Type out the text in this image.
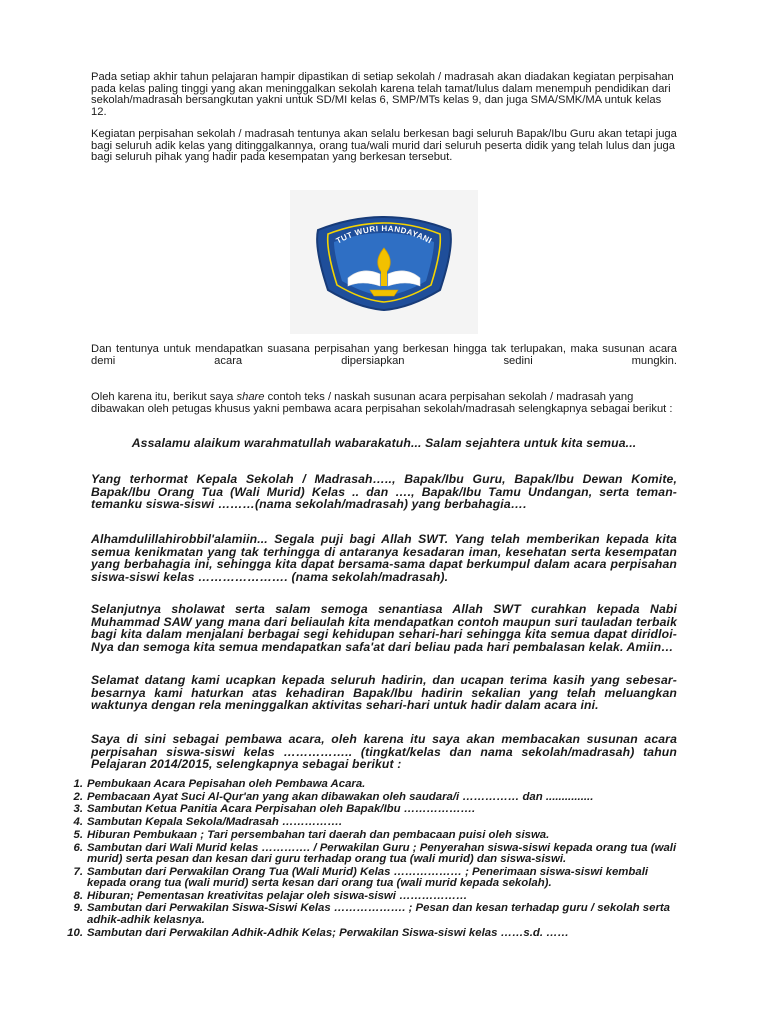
Pada setiap akhir tahun pelajaran hampir dipastikan di setiap sekolah / madrasah akan diadakan kegiatan perpisahan pada kelas paling tinggi yang akan meninggalkan sekolah karena telah tamat/lulus dalam menempuh pendidikan dari sekolah/madrasah bersangkutan yakni untuk SD/MI kelas 6, SMP/MTs kelas 9, dan juga SMA/SMK/MA untuk kelas 12.

Kegiatan perpisahan sekolah / madrasah tentunya akan selalu berkesan bagi seluruh Bapak/Ibu Guru akan tetapi juga bagi seluruh adik kelas yang ditinggalkannya, orang tua/wali murid dari seluruh peserta didik yang telah lulus dan juga bagi seluruh pihak yang hadir pada kesempatan yang berkesan tersebut.

TUT WURI HANDAYANI

Dan tentunya untuk mendapatkan suasana perpisahan yang berkesan hingga tak terlupakan, maka susunan acara demi acara dipersiapkan sedini mungkin.

Oleh karena itu, berikut saya share contoh teks / naskah susunan acara perpisahan sekolah / madrasah yang dibawakan oleh petugas khusus yakni pembawa acara perpisahan sekolah/madrasah selengkapnya sebagai berikut :

Assalamu alaikum warahmatullah wabarakatuh... Salam sejahtera untuk kita semua...

Yang terhormat Kepala Sekolah / Madrasah….., Bapak/Ibu Guru, Bapak/Ibu Dewan Komite, Bapak/Ibu Orang Tua (Wali Murid) Kelas .. dan …., Bapak/Ibu Tamu Undangan, serta teman-temanku siswa-siswi ………(nama sekolah/madrasah) yang berbahagia….

Alhamdulillahirobbil'alamiin... Segala puji bagi Allah SWT. Yang telah memberikan kepada kita semua kenikmatan yang tak terhingga di antaranya kesadaran iman, kesehatan serta kesempatan yang berbahagia ini, sehingga kita dapat bersama-sama dapat berkumpul dalam acara perpisahan siswa-siswi kelas …………………. (nama sekolah/madrasah).

Selanjutnya sholawat serta salam semoga senantiasa Allah SWT curahkan kepada Nabi Muhammad SAW yang mana dari beliaulah kita mendapatkan contoh maupun suri tauladan terbaik bagi kita dalam menjalani berbagai segi kehidupan sehari-hari sehingga kita semua dapat diridloi-Nya dan semoga kita semua mendapatkan safa'at dari beliau pada hari pembalasan kelak. Amiin…

Selamat datang kami ucapkan kepada seluruh hadirin, dan ucapan terima kasih yang sebesar-besarnya kami haturkan atas kehadiran Bapak/Ibu hadirin sekalian yang telah meluangkan waktunya dengan rela meninggalkan aktivitas sehari-hari untuk hadir dalam acara ini.

Saya di sini sebagai pembawa acara, oleh karena itu saya akan membacakan susunan acara perpisahan siswa-siswi kelas …………….. (tingkat/kelas dan nama sekolah/madrasah) tahun Pelajaran 2014/2015, selengkapnya sebagai berikut :

1. Pembukaan Acara Pepisahan oleh Pembawa Acara.
2. Pembacaan Ayat Suci Al-Qur'an yang akan dibawakan oleh saudara/i …………… dan ...............
3. Sambutan Ketua Panitia Acara Perpisahan oleh Bapak/Ibu ……………….
4. Sambutan Kepala Sekola/Madrasah …………….
5. Hiburan Pembukaan ; Tari persembahan tari daerah dan pembacaan puisi oleh siswa.
6. Sambutan dari Wali Murid kelas …………. / Perwakilan Guru ; Penyerahan siswa-siswi kepada orang tua (wali murid) serta pesan dan kesan dari guru terhadap orang tua (wali murid) dan siswa-siswi.
7. Sambutan dari Perwakilan Orang Tua (Wali Murid) Kelas ……………… ; Penerimaan siswa-siswi kembali kepada orang tua (wali murid) serta kesan dari orang tua (wali murid kepada sekolah).
8. Hiburan; Pementasan kreativitas pelajar oleh siswa-siswi ………………
9. Sambutan dari Perwakilan Siswa-Siswi Kelas ………………. ; Pesan dan kesan terhadap guru / sekolah serta adhik-adhik kelasnya.
10. Sambutan dari Perwakilan Adhik-Adhik Kelas; Perwakilan Siswa-siswi kelas ……s.d. ……
